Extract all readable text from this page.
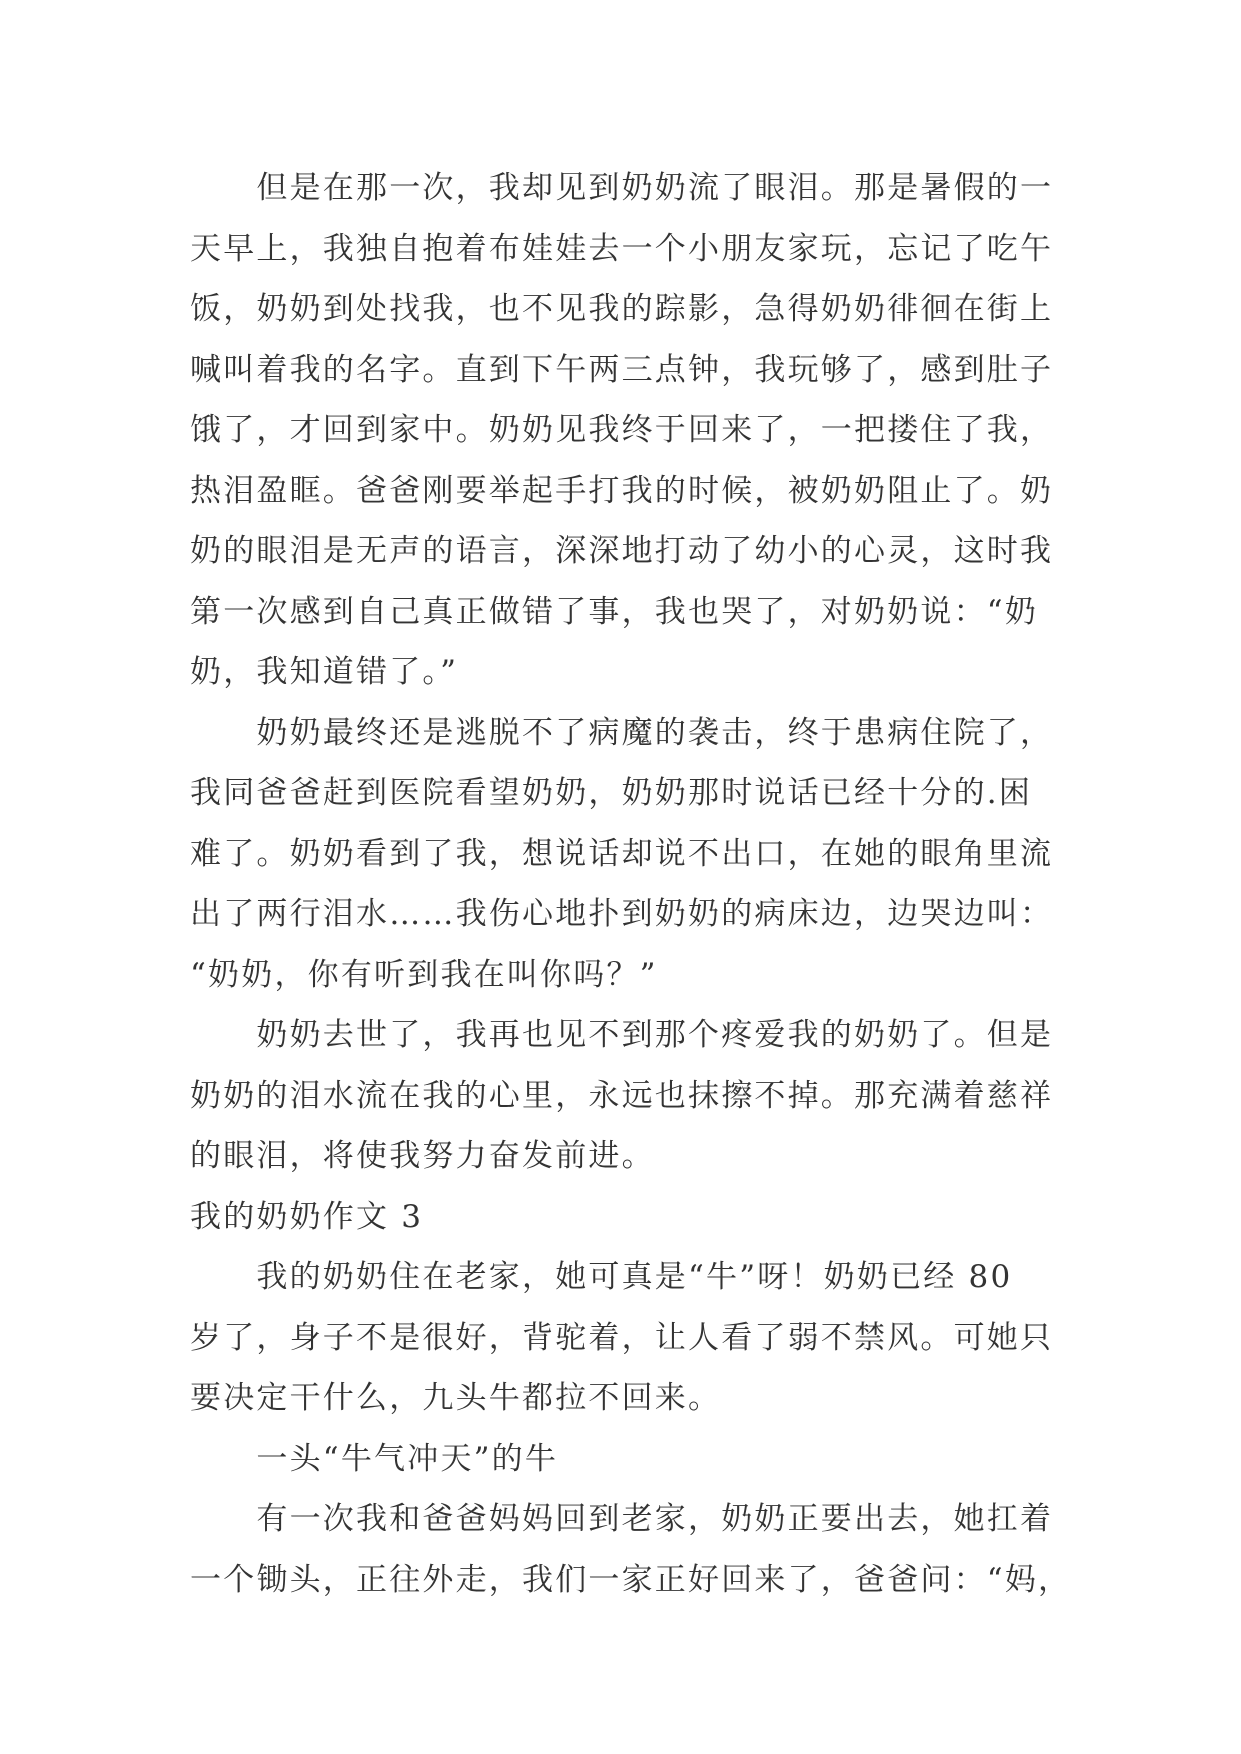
但是在那一次，我却见到奶奶流了眼泪。那是暑假的一
天早上，我独自抱着布娃娃去一个小朋友家玩，忘记了吃午
饭，奶奶到处找我，也不见我的踪影，急得奶奶徘徊在街上
喊叫着我的名字。直到下午两三点钟，我玩够了，感到肚子
饿了，才回到家中。奶奶见我终于回来了，一把搂住了我，
热泪盈眶。爸爸刚要举起手打我的时候，被奶奶阻止了。奶
奶的眼泪是无声的语言，深深地打动了幼小的心灵，这时我
第一次感到自己真正做错了事，我也哭了，对奶奶说：“奶
奶，我知道错了。”
奶奶最终还是逃脱不了病魔的袭击，终于患病住院了，
我同爸爸赶到医院看望奶奶，奶奶那时说话已经十分的.困
难了。奶奶看到了我，想说话却说不出口，在她的眼角里流
出了两行泪水……我伤心地扑到奶奶的病床边，边哭边叫：
“奶奶，你有听到我在叫你吗？”
奶奶去世了，我再也见不到那个疼爱我的奶奶了。但是
奶奶的泪水流在我的心里，永远也抹擦不掉。那充满着慈祥
的眼泪，将使我努力奋发前进。
我的奶奶作文 3
我的奶奶住在老家，她可真是“牛”呀！奶奶已经 80
岁了，身子不是很好，背驼着，让人看了弱不禁风。可她只
要决定干什么，九头牛都拉不回来。
一头“牛气冲天”的牛
有一次我和爸爸妈妈回到老家，奶奶正要出去，她扛着
一个锄头，正往外走，我们一家正好回来了，爸爸问：“妈，
